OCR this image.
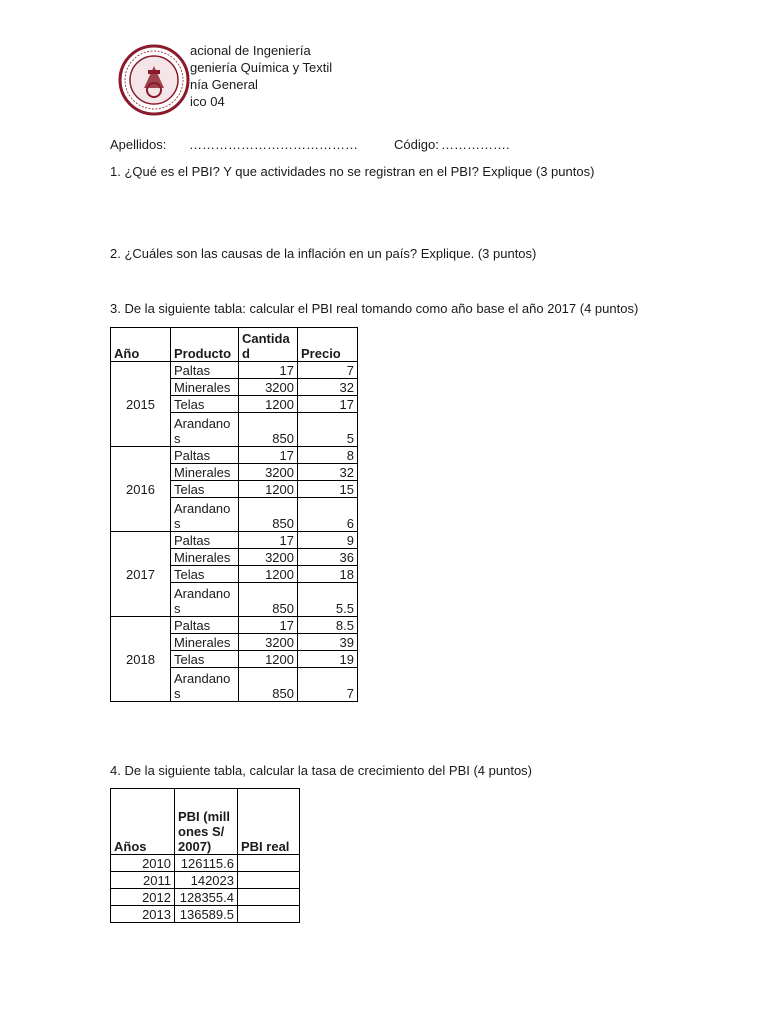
acional de Ingeniería
geniería Química y Textil
nía General
ico 04
Apellidos: …………………………………	Código: …………….
1. ¿Qué es el PBI? Y que actividades no se registran en el PBI? Explique (3 puntos)
2. ¿Cuáles son las causas de la inflación en un país? Explique. (3 puntos)
3. De la siguiente tabla: calcular el PBI real tomando como año base el año 2017 (4 puntos)
Año	Producto	Cantidad	Precio
2015	Paltas	17	7
	Minerales	3200	32
	Telas	1200	17
	Arandanos	850	5
2016	Paltas	17	8
	Minerales	3200	32
	Telas	1200	15
	Arandanos	850	6
2017	Paltas	17	9
	Minerales	3200	36
	Telas	1200	18
	Arandanos	850	5.5
2018	Paltas	17	8.5
	Minerales	3200	39
	Telas	1200	19
	Arandanos	850	7
4. De la siguiente tabla, calcular la tasa de crecimiento del PBI (4 puntos)
Años	PBI (millones S/ 2007)	PBI real
2010	126115.6	
2011	142023	
2012	128355.4	
2013	136589.5	
